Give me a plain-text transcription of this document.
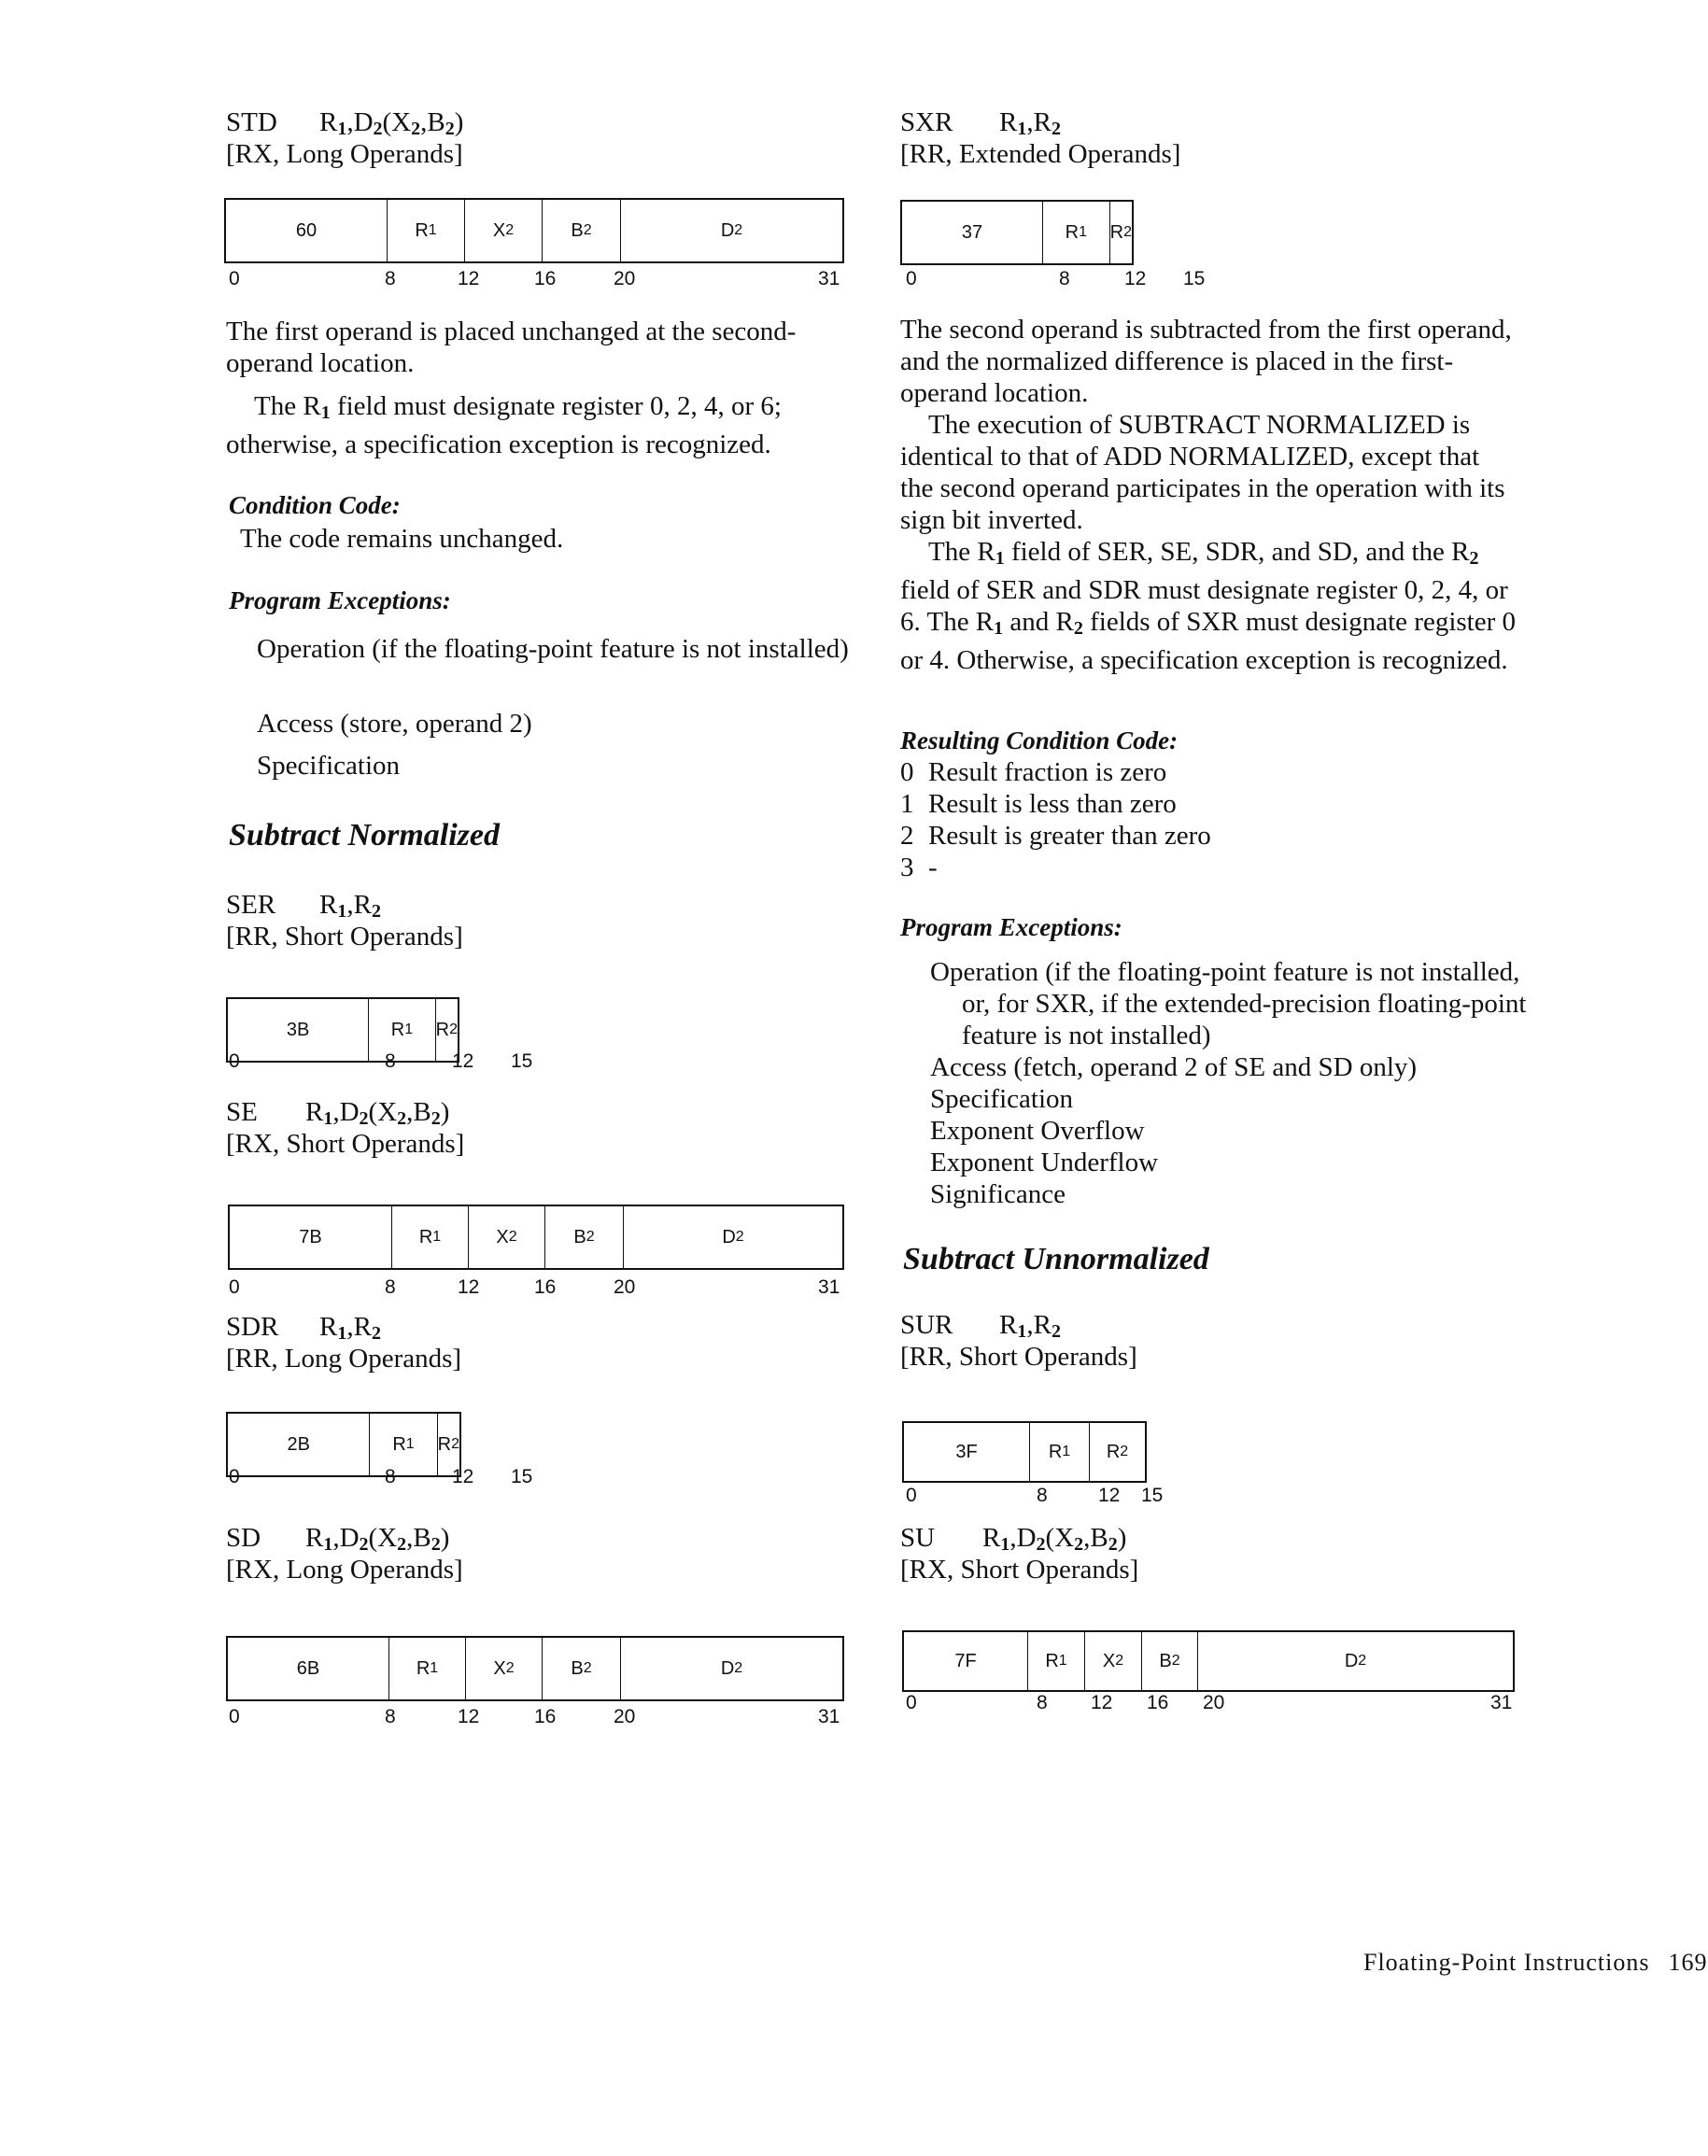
STD $R_1,D_2(X_2,B_2)$
[RX, Long Operands]
60	R 1	X 2	B 2	D 2
0	8	12	16	20	31
The first operand is placed unchanged at the second-operand location.
The $R_1$ field must designate register 0, 2, 4, or 6; otherwise, a specification exception is recognized.
Condition Code:
The code remains unchanged.
Program Exceptions:
Operation (if the floating-point feature is not installed)
Access (store, operand 2)
Specification
Subtract Normalized
SER $R_1,R_2$
[RR, Short Operands]
3B	R 1 R 2
0	8	12 15
SE $R_1,D_2(X_2,B_2)$
[RX, Short Operands]
7B	R 1	X 2	B 2	D 2
0	8	12	16	20	31
SDR $R_1,R_2$
[RR, Long Operands]
2B	R 1 R 2
0	8	12 15
SD $R_1,D_2(X_2,B_2)$
[RX, Long Operands]
6B	R 1	X 2	B 2	D 2
0	8	12	16	20	31
SXR $R_1,R_2$
[RR, Extended Operands]
37	R 1 R 2
0	8	12 15
The second operand is subtracted from the first operand, and the normalized difference is placed in the first-operand location.
The execution of SUBTRACT NORMALIZED is identical to that of ADD NORMALIZED, except that the second operand participates in the operation with its sign bit inverted.
The $R_1$ field of SER, SE, SDR, and SD, and the $R_2$ field of SER and SDR must designate register 0, 2, 4, or 6. The $R_1$ and $R_2$ fields of SXR must designate register 0 or 4. Otherwise, a specification exception is recognized.
Resulting Condition Code:
0 Result fraction is zero
1 Result is less than zero
2 Result is greater than zero
3 -
Program Exceptions:
Operation (if the floating-point feature is not installed, or, for SXR, if the extended-precision floating-point feature is not installed)
Access (fetch, operand 2 of SE and SD only)
Specification
Exponent Overflow
Exponent Underflow
Significance
Subtract Unnormalized
SUR $R_1,R_2$
[RR, Short Operands]
3F	R 1	R 2
0	8	12 15
SU $R_1,D_2(X_2,B_2)$
[RX, Short Operands]
7F	R 1	X 2	B 2	D 2
0	8 12 16 20	31
Floating-Point Instructions 169
